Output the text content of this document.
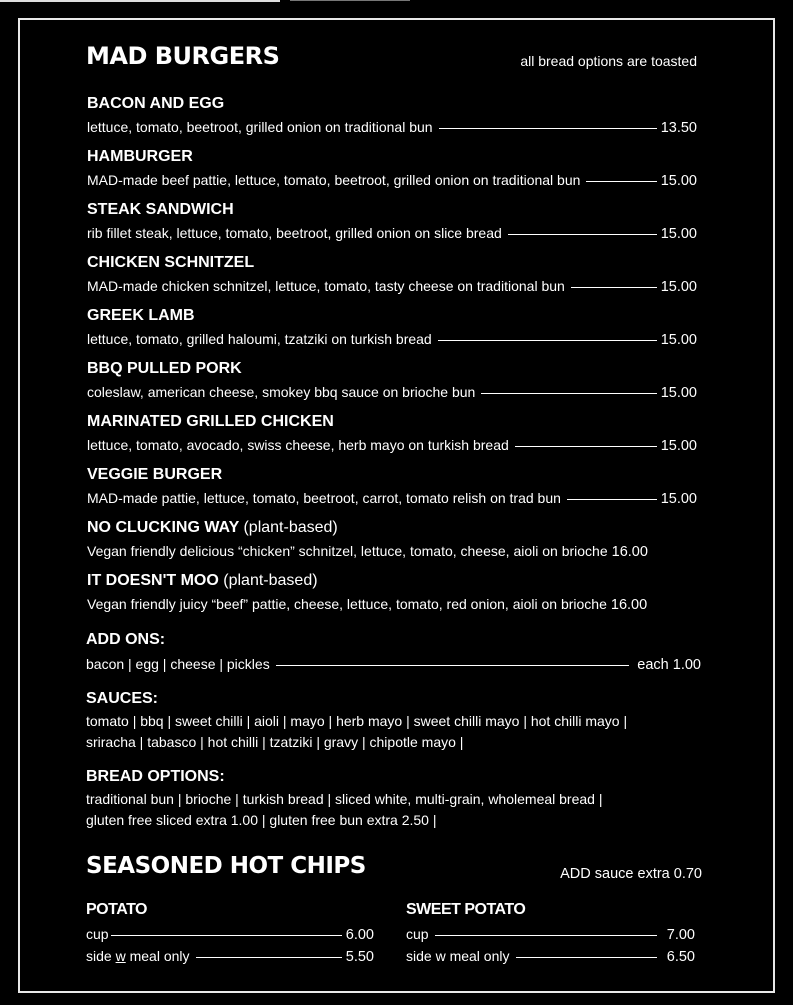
MAD BURGERS	all bread options are toasted
BACON AND EGG
lettuce, tomato, beetroot, grilled onion on traditional bun	13.50
HAMBURGER
MAD-made beef pattie, lettuce, tomato, beetroot, grilled onion on traditional bun	15.00
STEAK SANDWICH
rib fillet steak, lettuce, tomato, beetroot, grilled onion on slice bread	15.00
CHICKEN SCHNITZEL
MAD-made chicken schnitzel, lettuce, tomato, tasty cheese on traditional bun	15.00
GREEK LAMB
lettuce, tomato, grilled haloumi, tzatziki on turkish bread	15.00
BBQ PULLED PORK
coleslaw, american cheese, smokey bbq sauce on brioche bun	15.00
MARINATED GRILLED CHICKEN
lettuce, tomato, avocado, swiss cheese, herb mayo on turkish bread	15.00
VEGGIE BURGER
MAD-made pattie, lettuce, tomato, beetroot, carrot, tomato relish on trad bun	15.00
NO CLUCKING WAY (plant-based)
Vegan friendly delicious “chicken” schnitzel, lettuce, tomato, cheese, aioli on brioche 16.00
IT DOESN'T MOO (plant-based)
Vegan friendly juicy “beef” pattie, cheese, lettuce, tomato, red onion, aioli on brioche 16.00
ADD ONS:
bacon | egg | cheese | pickles	each 1.00
SAUCES:
tomato | bbq | sweet chilli | aioli | mayo | herb mayo | sweet chilli mayo | hot chilli mayo |
sriracha | tabasco | hot chilli | tzatziki | gravy | chipotle mayo |
BREAD OPTIONS:
traditional bun | brioche | turkish bread | sliced white, multi-grain, wholemeal bread |
gluten free sliced extra 1.00 | gluten free bun extra 2.50 |
SEASONED HOT CHIPS	ADD sauce extra 0.70
POTATO
cup	6.00
side w meal only	5.50
SWEET POTATO
cup	7.00
side w meal only	6.50
